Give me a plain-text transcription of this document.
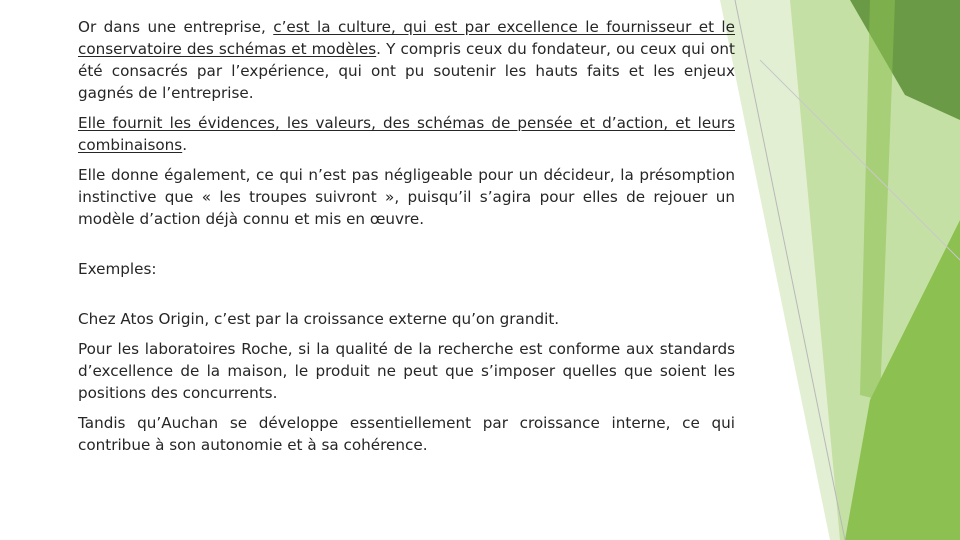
Or dans une entreprise, c’est la culture, qui est par excellence le fournisseur et le conservatoire des schémas et modèles. Y compris ceux du fondateur, ou ceux qui ont été consacrés par l’expérience, qui ont pu soutenir les hauts faits et les enjeux gagnés de l’entreprise.

Elle fournit les évidences, les valeurs, des schémas de pensée et d’action, et leurs combinaisons.

Elle donne également, ce qui n’est pas négligeable pour un décideur, la présomption instinctive que « les troupes suivront », puisqu’il s’agira pour elles de rejouer un modèle d’action déjà connu et mis en œuvre.

Exemples:

Chez Atos Origin, c’est par la croissance externe qu’on grandit.

Pour les laboratoires Roche, si la qualité de la recherche est conforme aux standards d’excellence de la maison, le produit ne peut que s’imposer quelles que soient les positions des concurrents.

Tandis qu’Auchan se développe essentiellement par croissance interne, ce qui contribue à son autonomie et à sa cohérence.
